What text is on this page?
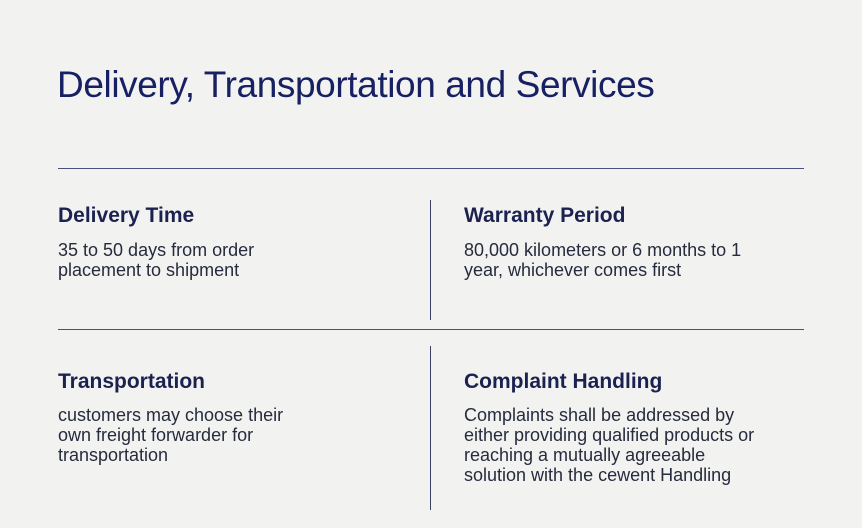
Delivery, Transportation and Services
Delivery Time

35 to 50 days from order placement to shipment

Warranty Period

80,000 kilometers or 6 months to 1 year, whichever comes first

Transportation

customers may choose their own freight forwarder for transportation

Complaint Handling

Complaints shall be addressed by either providing qualified products or reaching a mutually agreeable solution with the cewent Handling
